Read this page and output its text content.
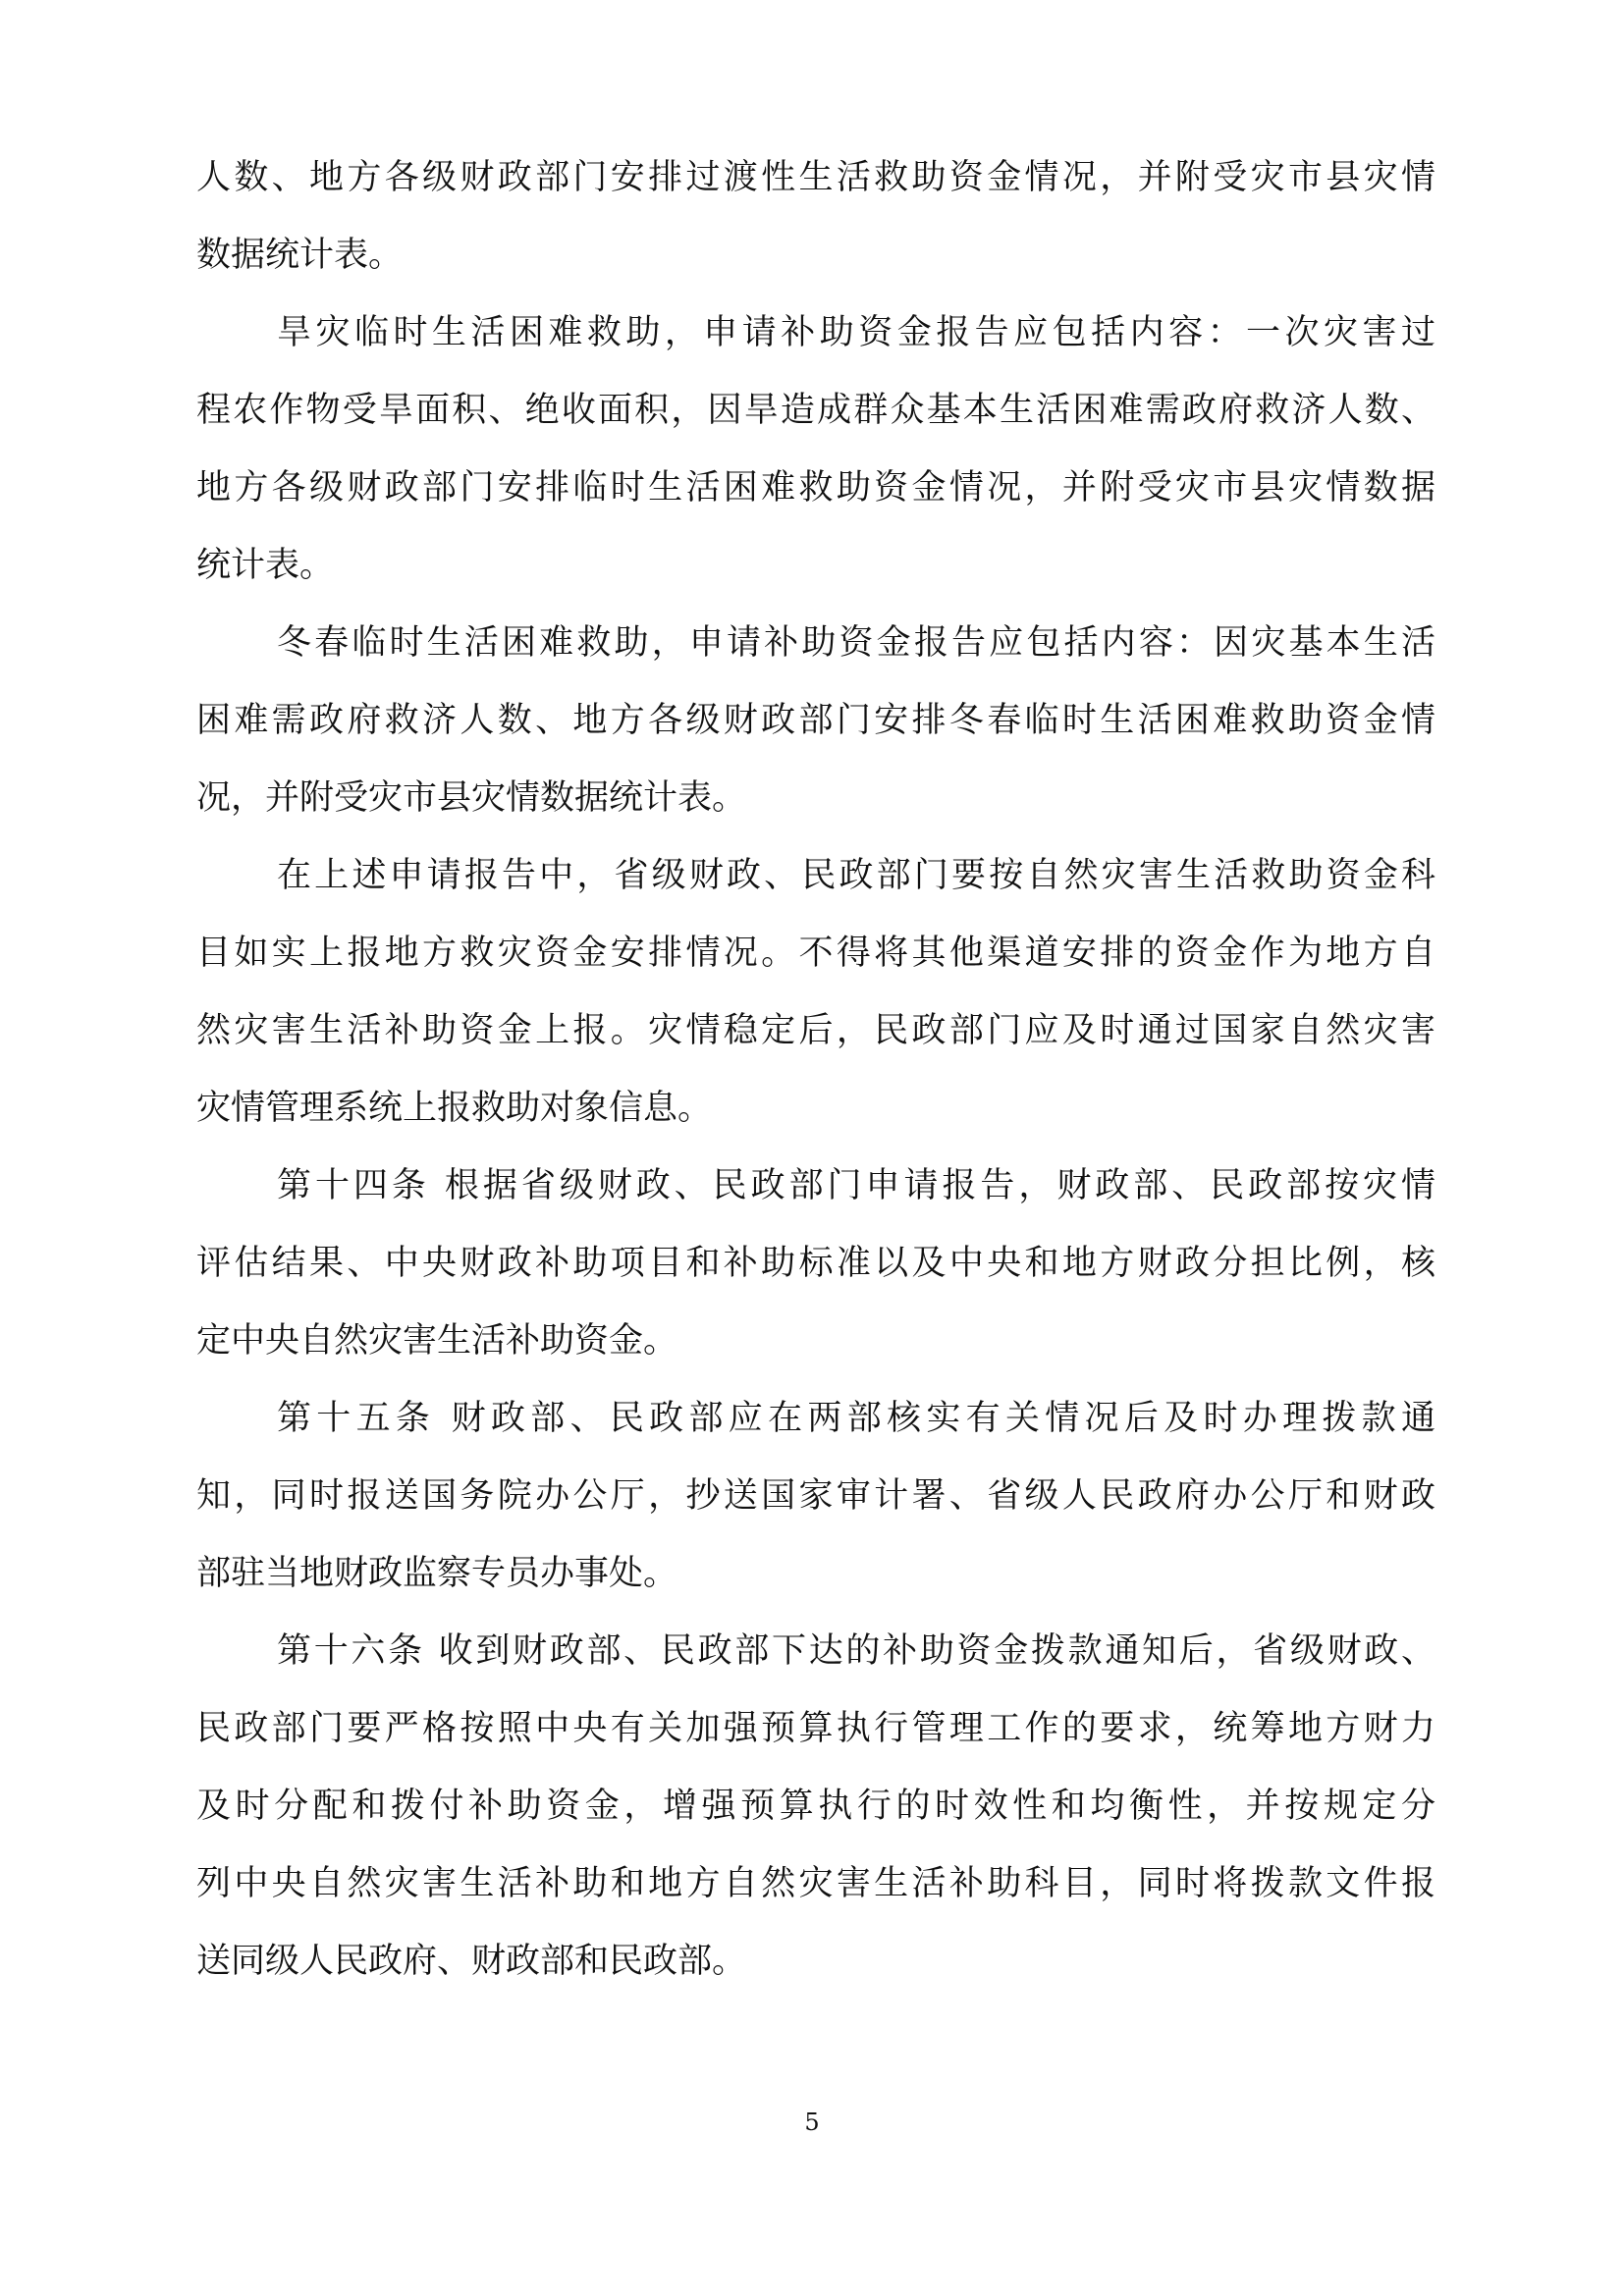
人数、地方各级财政部门安排过渡性生活救助资金情况，并附受灾市县灾情
数据统计表。
旱灾临时生活困难救助，申请补助资金报告应包括内容：一次灾害过
程农作物受旱面积、绝收面积，因旱造成群众基本生活困难需政府救济人数、
地方各级财政部门安排临时生活困难救助资金情况，并附受灾市县灾情数据
统计表。
冬春临时生活困难救助，申请补助资金报告应包括内容：因灾基本生活
困难需政府救济人数、地方各级财政部门安排冬春临时生活困难救助资金情
况，并附受灾市县灾情数据统计表。
在上述申请报告中，省级财政、民政部门要按自然灾害生活救助资金科
目如实上报地方救灾资金安排情况。不得将其他渠道安排的资金作为地方自
然灾害生活补助资金上报。灾情稳定后，民政部门应及时通过国家自然灾害
灾情管理系统上报救助对象信息。
第十四条 根据省级财政、民政部门申请报告，财政部、民政部按灾情
评估结果、中央财政补助项目和补助标准以及中央和地方财政分担比例，核
定中央自然灾害生活补助资金。
第十五条 财政部、民政部应在两部核实有关情况后及时办理拨款通
知，同时报送国务院办公厅，抄送国家审计署、省级人民政府办公厅和财政
部驻当地财政监察专员办事处。
第十六条 收到财政部、民政部下达的补助资金拨款通知后，省级财政、
民政部门要严格按照中央有关加强预算执行管理工作的要求，统筹地方财力
及时分配和拨付补助资金，增强预算执行的时效性和均衡性，并按规定分
列中央自然灾害生活补助和地方自然灾害生活补助科目，同时将拨款文件报
送同级人民政府、财政部和民政部。
5
